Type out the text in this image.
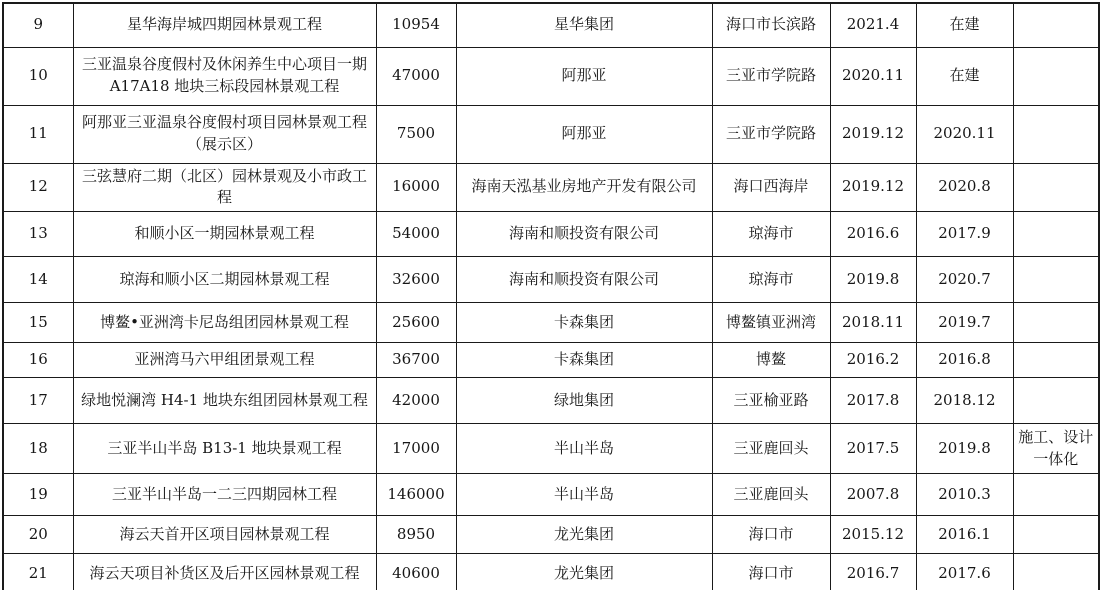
9	星华海岸城四期园林景观工程	10954	星华集团	海口市长滨路	2021.4	在建	
10	三亚温泉谷度假村及休闲养生中心项目一期 A17A18 地块三标段园林景观工程	47000	阿那亚	三亚市学院路	2020.11	在建	
11	阿那亚三亚温泉谷度假村项目园林景观工程（展示区）	7500	阿那亚	三亚市学院路	2019.12	2020.11	
12	三弦慧府二期（北区）园林景观及小市政工程	16000	海南天泓基业房地产开发有限公司	海口西海岸	2019.12	2020.8	
13	和顺小区一期园林景观工程	54000	海南和顺投资有限公司	琼海市	2016.6	2017.9	
14	琼海和顺小区二期园林景观工程	32600	海南和顺投资有限公司	琼海市	2019.8	2020.7	
15	博鳌•亚洲湾卡尼岛组团园林景观工程	25600	卡森集团	博鳌镇亚洲湾	2018.11	2019.7	
16	亚洲湾马六甲组团景观工程	36700	卡森集团	博鳌	2016.2	2016.8	
17	绿地悦澜湾 H4-1 地块东组团园林景观工程	42000	绿地集团	三亚榆亚路	2017.8	2018.12	
18	三亚半山半岛 B13-1 地块景观工程	17000	半山半岛	三亚鹿回头	2017.5	2019.8	施工、设计一体化
19	三亚半山半岛一二三四期园林工程	146000	半山半岛	三亚鹿回头	2007.8	2010.3	
20	海云天首开区项目园林景观工程	8950	龙光集团	海口市	2015.12	2016.1	
21	海云天项目补货区及后开区园林景观工程	40600	龙光集团	海口市	2016.7	2017.6	
